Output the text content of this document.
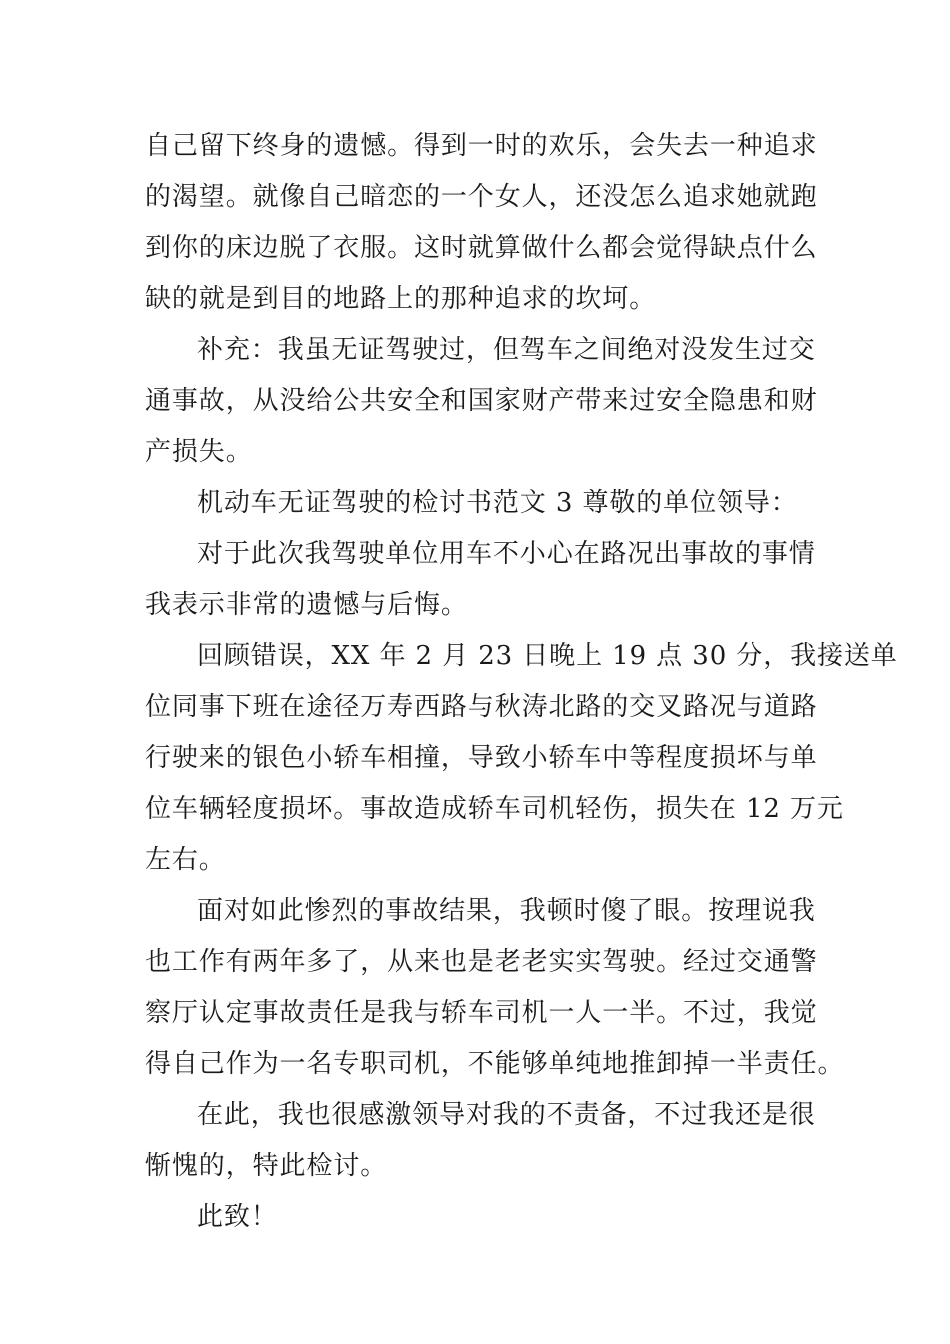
自己留下终身的遗憾。得到一时的欢乐，会失去一种追求
的渴望。就像自己暗恋的一个女人，还没怎么追求她就跑
到你的床边脱了衣服。这时就算做什么都会觉得缺点什么
缺的就是到目的地路上的那种追求的坎坷。
补充：我虽无证驾驶过，但驾车之间绝对没发生过交
通事故，从没给公共安全和国家财产带来过安全隐患和财
产损失。
机动车无证驾驶的检讨书范文 3 尊敬的单位领导：
对于此次我驾驶单位用车不小心在路况出事故的事情
我表示非常的遗憾与后悔。
回顾错误，XX 年 2 月 23 日晚上 19 点 30 分，我接送单
位同事下班在途径万寿西路与秋涛北路的交叉路况与道路
行驶来的银色小轿车相撞，导致小轿车中等程度损坏与单
位车辆轻度损坏。事故造成轿车司机轻伤，损失在 12 万元
左右。
面对如此惨烈的事故结果，我顿时傻了眼。按理说我
也工作有两年多了，从来也是老老实实驾驶。经过交通警
察厅认定事故责任是我与轿车司机一人一半。不过，我觉
得自己作为一名专职司机，不能够单纯地推卸掉一半责任。
在此，我也很感激领导对我的不责备，不过我还是很
惭愧的，特此检讨。
此致！
